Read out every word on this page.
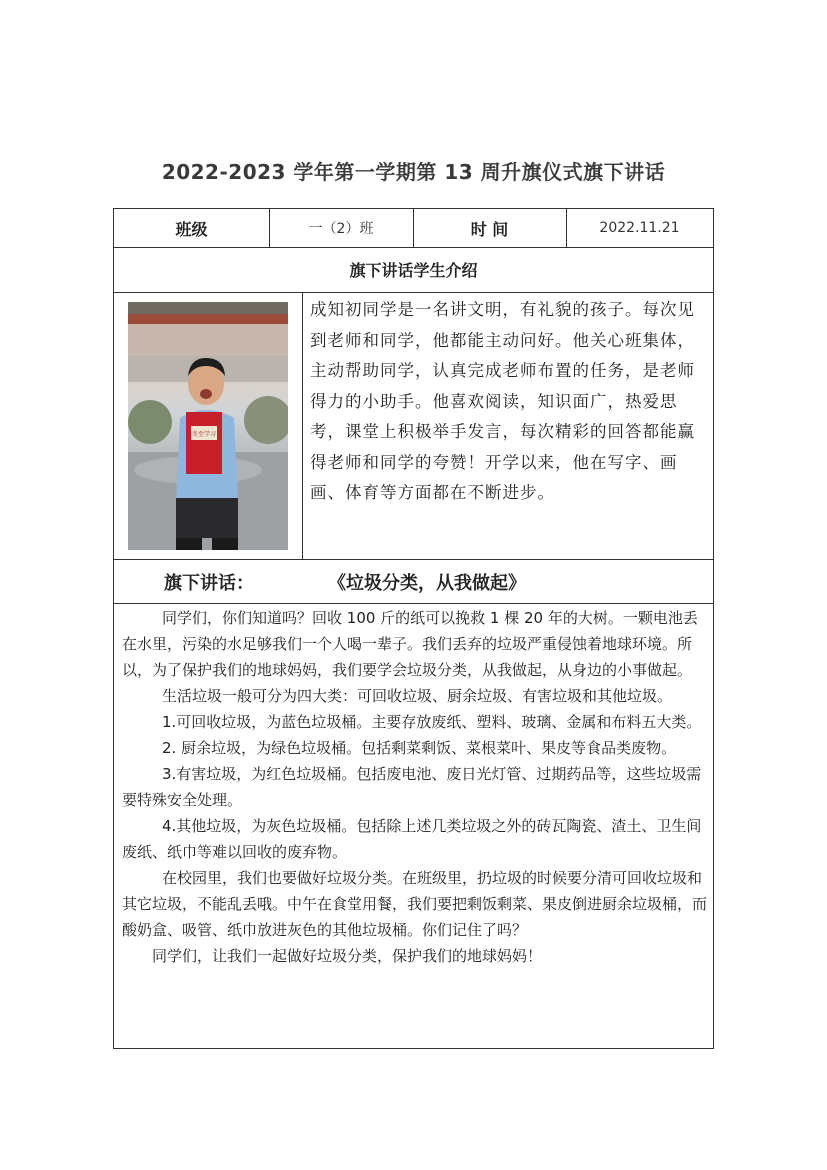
2022-2023 学年第一学期第 13 周升旗仪式旗下讲话
班级	一（2）班	时 间	2022.11.21
旗下讲话学生介绍
冬至学习
成知初同学是一名讲文明，有礼貌的孩子。每次见到老师和同学，他都能主动问好。他关心班集体，主动帮助同学，认真完成老师布置的任务，是老师得力的小助手。他喜欢阅读，知识面广，热爱思考，课堂上积极举手发言，每次精彩的回答都能赢得老师和同学的夸赞！开学以来，他在写字、画画、体育等方面都在不断进步。
旗下讲话：	《垃圾分类，从我做起》

同学们，你们知道吗？回收 100 斤的纸可以挽救 1 棵 20 年的大树。一颗电池丢在水里，污染的水足够我们一个人喝一辈子。我们丢弃的垃圾严重侵蚀着地球环境。所以，为了保护我们的地球妈妈，我们要学会垃圾分类，从我做起，从身边的小事做起。

生活垃圾一般可分为四大类：可回收垃圾、厨余垃圾、有害垃圾和其他垃圾。

1.可回收垃圾，为蓝色垃圾桶。主要存放废纸、塑料、玻璃、金属和布料五大类。

2. 厨余垃圾，为绿色垃圾桶。包括剩菜剩饭、菜根菜叶、果皮等食品类废物。

3.有害垃圾，为红色垃圾桶。包括废电池、废日光灯管、过期药品等，这些垃圾需要特殊安全处理。

4.其他垃圾，为灰色垃圾桶。包括除上述几类垃圾之外的砖瓦陶瓷、渣土、卫生间废纸、纸巾等难以回收的废弃物。

在校园里，我们也要做好垃圾分类。在班级里，扔垃圾的时候要分清可回收垃圾和其它垃圾，不能乱丢哦。中午在食堂用餐，我们要把剩饭剩菜、果皮倒进厨余垃圾桶，而酸奶盒、吸管、纸巾放进灰色的其他垃圾桶。你们记住了吗？

同学们，让我们一起做好垃圾分类，保护我们的地球妈妈！
